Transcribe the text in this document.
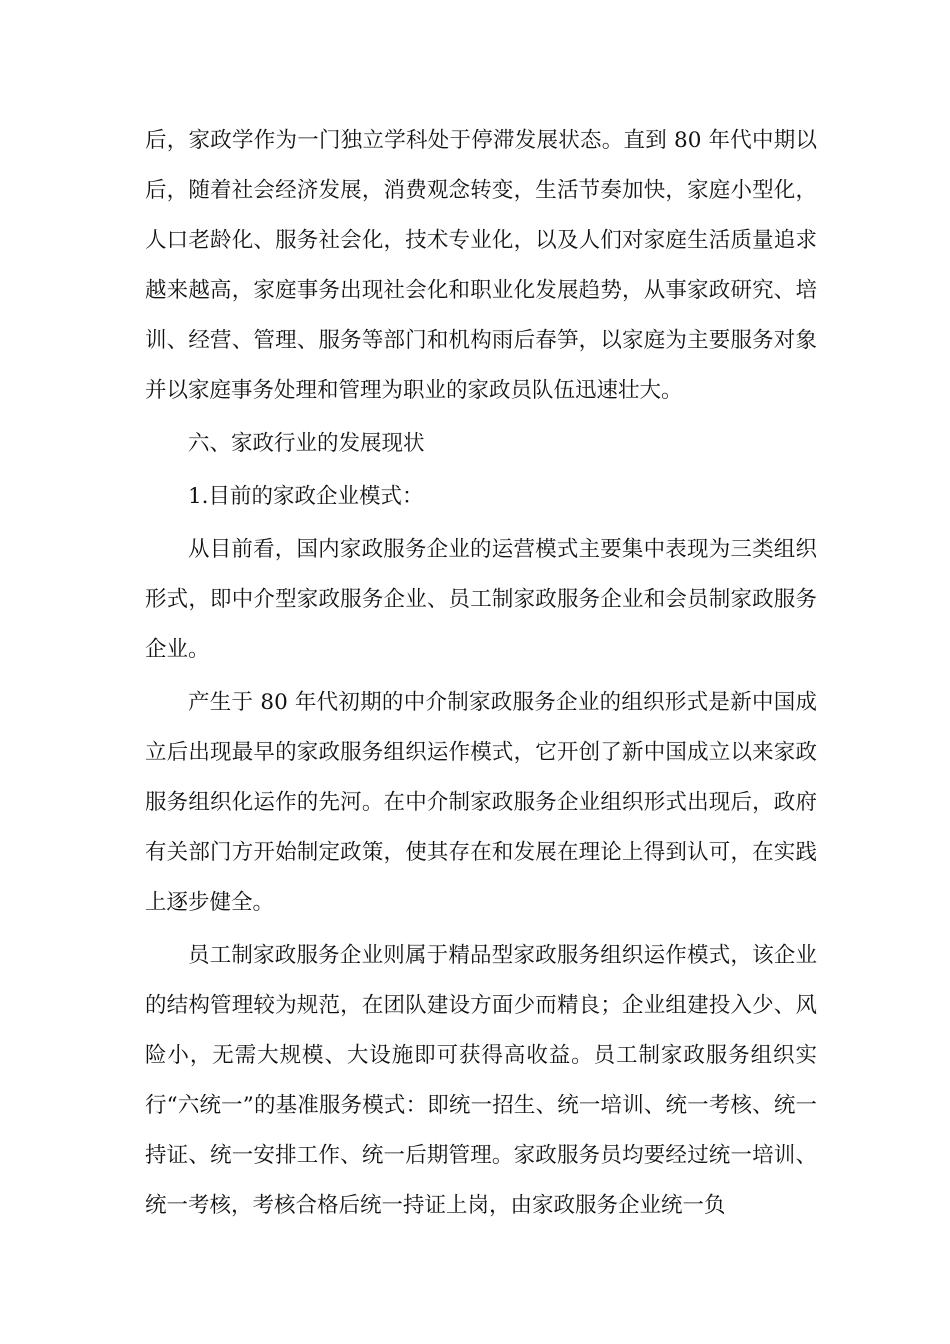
后，家政学作为一门独立学科处于停滞发展状态。直到 80 年代中期以后，随着社会经济发展，消费观念转变，生活节奏加快，家庭小型化，人口老龄化、服务社会化，技术专业化，以及人们对家庭生活质量追求越来越高，家庭事务出现社会化和职业化发展趋势，从事家政研究、培训、经营、管理、服务等部门和机构雨后春笋，以家庭为主要服务对象并以家庭事务处理和管理为职业的家政员队伍迅速壮大。

六、家政行业的发展现状

1.目前的家政企业模式：

从目前看，国内家政服务企业的运营模式主要集中表现为三类组织形式，即中介型家政服务企业、员工制家政服务企业和会员制家政服务企业。

产生于 80 年代初期的中介制家政服务企业的组织形式是新中国成立后出现最早的家政服务组织运作模式，它开创了新中国成立以来家政服务组织化运作的先河。在中介制家政服务企业组织形式出现后，政府有关部门方开始制定政策，使其存在和发展在理论上得到认可，在实践上逐步健全。

员工制家政服务企业则属于精品型家政服务组织运作模式，该企业的结构管理较为规范，在团队建设方面少而精良；企业组建投入少、风险小，无需大规模、大设施即可获得高收益。员工制家政服务组织实行“六统一”的基准服务模式：即统一招生、统一培训、统一考核、统一持证、统一安排工作、统一后期管理。家政服务员均要经过统一培训、统一考核，考核合格后统一持证上岗，由家政服务企业统一负
